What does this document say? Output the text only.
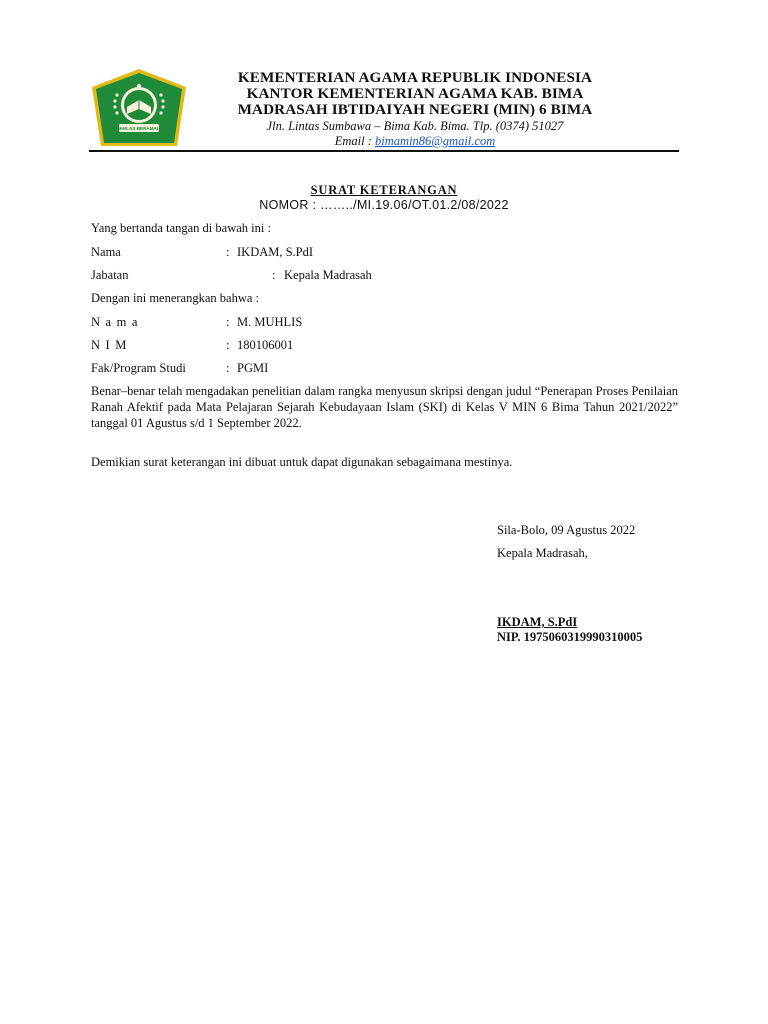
IKHLAS BERAMAL
KEMENTERIAN AGAMA REPUBLIK INDONESIA
KANTOR KEMENTERIAN AGAMA KAB. BIMA
MADRASAH IBTIDAIYAH NEGERI (MIN) 6 BIMA
Jln. Lintas Sumbawa – Bima Kab. Bima. Tlp. (0374) 51027
Email : bimamin86@gmail.com
SURAT KETERANGAN
NOMOR : ……../MI.19.06/OT.01.2/08/2022
Yang bertanda tangan di bawah ini :
Nama	: IKDAM, S.PdI
Jabatan	: Kepala Madrasah
Dengan ini menerangkan bahwa :
N a m a	: M. MUHLIS
N I M	: 180106001
Fak/Program Studi	: PGMI
Benar–benar telah mengadakan penelitian dalam rangka menyusun skripsi dengan judul “Penerapan Proses Penilaian Ranah Afektif pada Mata Pelajaran Sejarah Kebudayaan Islam (SKI) di Kelas V MIN 6 Bima Tahun 2021/2022” tanggal 01 Agustus s/d 1 September 2022.
Demikian surat keterangan ini dibuat untuk dapat digunakan sebagaimana mestinya.
Sila-Bolo, 09 Agustus 2022
Kepala Madrasah,
IKDAM, S.PdI
NIP. 197506031999031000​5
